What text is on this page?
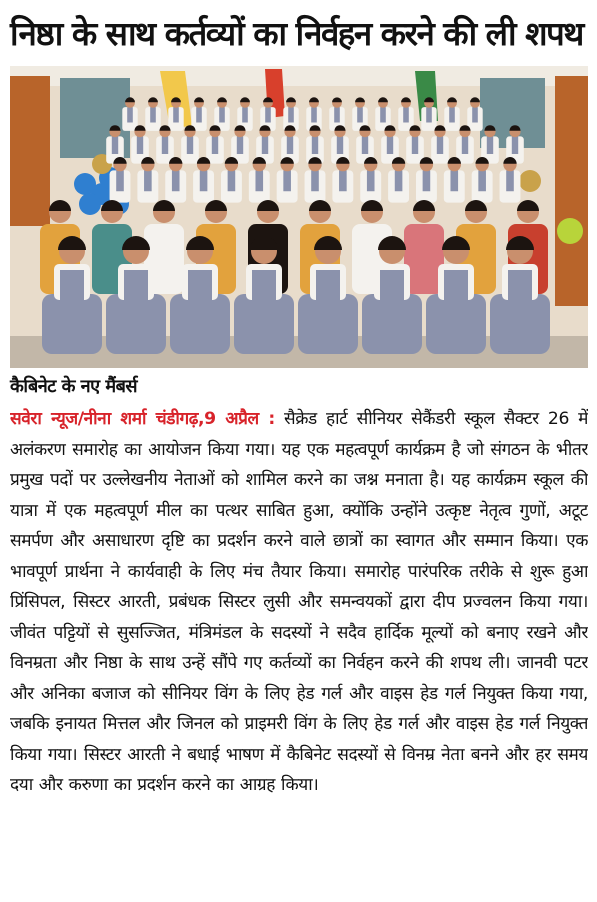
निष्ठा के साथ कर्तव्यों का निर्वहन करने की ली शपथ
कैबिनेट के नए मैंबर्स
सवेरा न्यूज/नीना शर्मा चंडीगढ़,9 अप्रैल : सैक्रेड हार्ट सीनियर सेकैंडरी स्कूल सैक्टर 26 में अलंकरण समारोह का आयोजन किया गया। यह एक महत्वपूर्ण कार्यक्रम है जो संगठन के भीतर प्रमुख पदों पर उल्लेखनीय नेताओं को शामिल करने का जश्न मनाता है। यह कार्यक्रम स्कूल की यात्रा में एक महत्वपूर्ण मील का पत्थर साबित हुआ, क्योंकि उन्होंने उत्कृष्ट नेतृत्व गुणों, अटूट समर्पण और असाधारण दृष्टि का प्रदर्शन करने वाले छात्रों का स्वागत और सम्मान किया। एक भावपूर्ण प्रार्थना ने कार्यवाही के लिए मंच तैयार किया। समारोह पारंपरिक तरीके से शुरू हुआ प्रिंसिपल, सिस्टर आरती, प्रबंधक सिस्टर लुसी और समन्वयकों द्वारा दीप प्रज्वलन किया गया। जीवंत पट्टियों से सुसज्जित, मंत्रिमंडल के सदस्यों ने सदैव हार्दिक मूल्यों को बनाए रखने और विनम्रता और निष्ठा के साथ उन्हें सौंपे गए कर्तव्यों का निर्वहन करने की शपथ ली। जानवी पटर और अनिका बजाज को सीनियर विंग के लिए हेड गर्ल और वाइस हेड गर्ल नियुक्त किया गया, जबकि इनायत मित्तल और जिनल को प्राइमरी विंग के लिए हेड गर्ल और वाइस हेड गर्ल नियुक्त किया गया। सिस्टर आरती ने बधाई भाषण में कैबिनेट सदस्यों से विनम्र नेता बनने और हर समय दया और करुणा का प्रदर्शन करने का आग्रह किया।
